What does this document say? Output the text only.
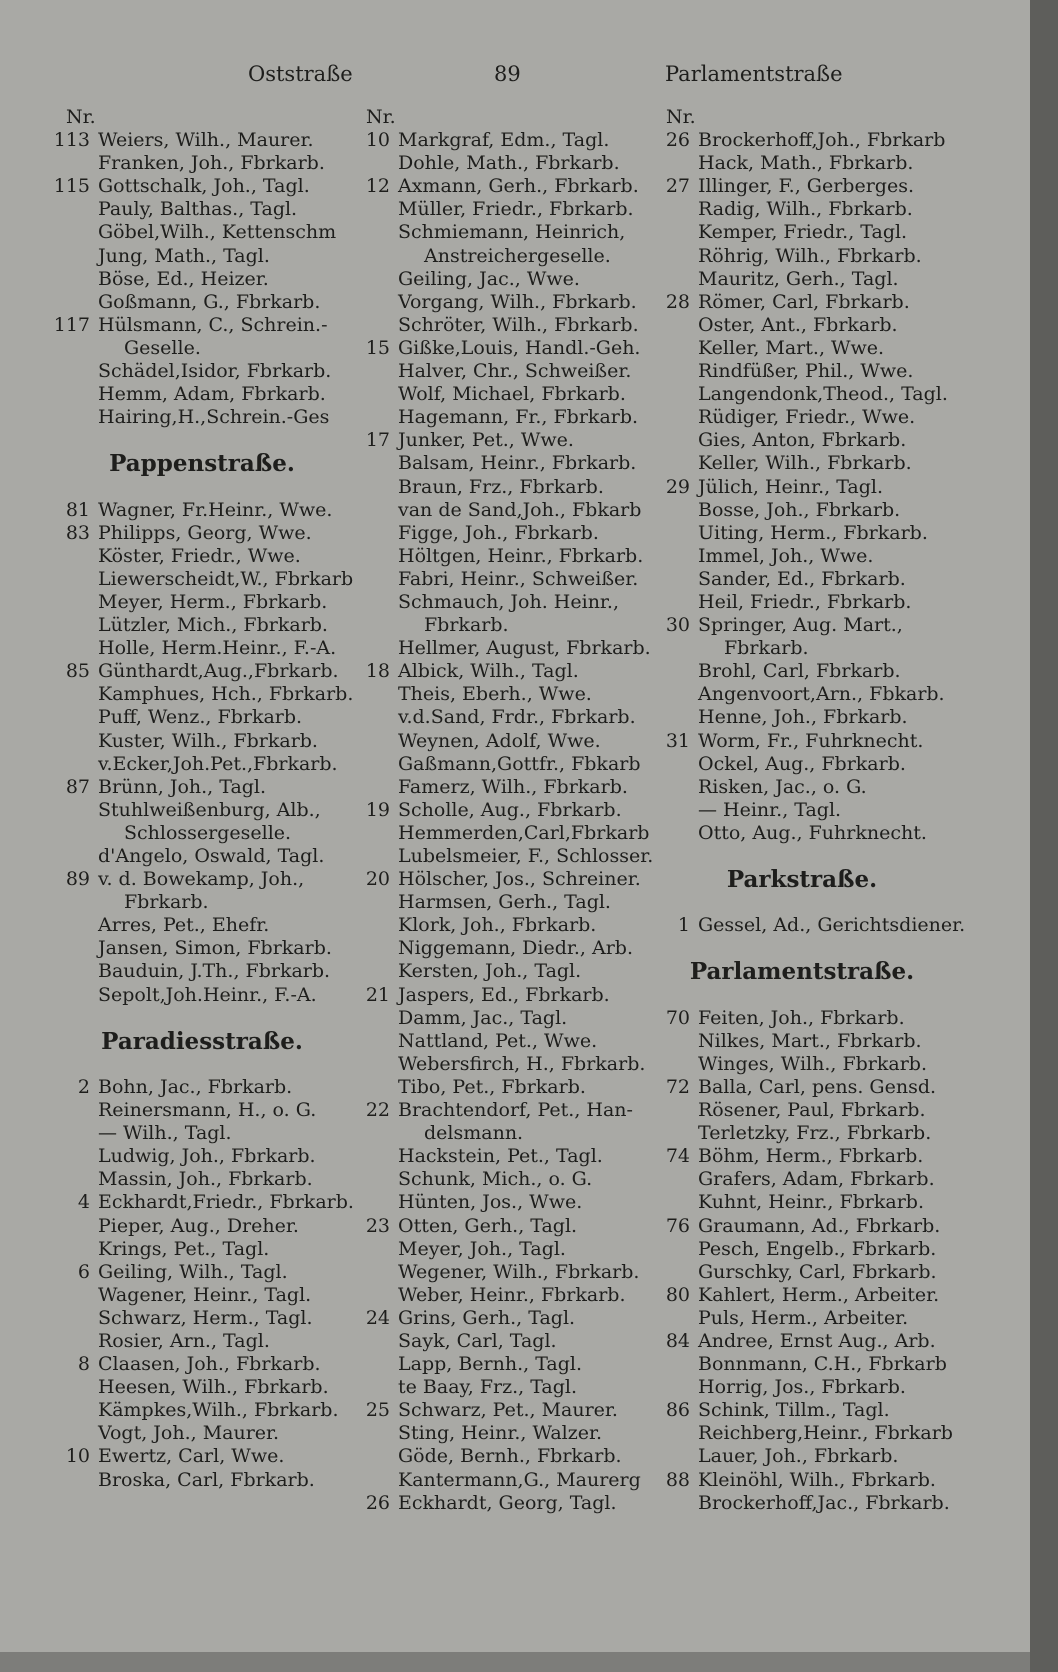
Oststraße	89	Parlamentstraße
Nr.
113 Weiers, Wilh., Maurer.
Franken, Joh., Fbrkarb.
115 Gottschalk, Joh., Tagl.
Pauly, Balthas., Tagl.
Göbel,Wilh., Kettenschm
Jung, Math., Tagl.
Böse, Ed., Heizer.
Goßmann, G., Fbrkarb.
117 Hülsmann, C., Schrein.-
Geselle.
Schädel,Isidor, Fbrkarb.
Hemm, Adam, Fbrkarb.
Hairing,H.,Schrein.-Ges
Pappenstraße.
81 Wagner, Fr.Heinr., Wwe.
83 Philipps, Georg, Wwe.
Köster, Friedr., Wwe.
Liewerscheidt,W., Fbrkarb
Meyer, Herm., Fbrkarb.
Lützler, Mich., Fbrkarb.
Holle, Herm.Heinr., F.-A.
85 Günthardt,Aug.,Fbrkarb.
Kamphues, Hch., Fbrkarb.
Puff, Wenz., Fbrkarb.
Kuster, Wilh., Fbrkarb.
v.Ecker,Joh.Pet.,Fbrkarb.
87 Brünn, Joh., Tagl.
Stuhlweißenburg, Alb.,
Schlossergeselle.
d'Angelo, Oswald, Tagl.
89 v. d. Bowekamp, Joh.,
Fbrkarb.
Arres, Pet., Ehefr.
Jansen, Simon, Fbrkarb.
Bauduin, J.Th., Fbrkarb.
Sepolt,Joh.Heinr., F.-A.
Paradiesstraße.
2 Bohn, Jac., Fbrkarb.
Reinersmann, H., o. G.
— Wilh., Tagl.
Ludwig, Joh., Fbrkarb.
Massin, Joh., Fbrkarb.
4 Eckhardt,Friedr., Fbrkarb.
Pieper, Aug., Dreher.
Krings, Pet., Tagl.
6 Geiling, Wilh., Tagl.
Wagener, Heinr., Tagl.
Schwarz, Herm., Tagl.
Rosier, Arn., Tagl.
8 Claasen, Joh., Fbrkarb.
Heesen, Wilh., Fbrkarb.
Kämpkes,Wilh., Fbrkarb.
Vogt, Joh., Maurer.
10 Ewertz, Carl, Wwe.
Broska, Carl, Fbrkarb.
Nr.
10 Markgraf, Edm., Tagl.
Dohle, Math., Fbrkarb.
12 Axmann, Gerh., Fbrkarb.
Müller, Friedr., Fbrkarb.
Schmiemann, Heinrich,
Anstreichergeselle.
Geiling, Jac., Wwe.
Vorgang, Wilh., Fbrkarb.
Schröter, Wilh., Fbrkarb.
15 Gißke,Louis, Handl.-Geh.
Halver, Chr., Schweißer.
Wolf, Michael, Fbrkarb.
Hagemann, Fr., Fbrkarb.
17 Junker, Pet., Wwe.
Balsam, Heinr., Fbrkarb.
Braun, Frz., Fbrkarb.
van de Sand,Joh., Fbkarb
Figge, Joh., Fbrkarb.
Höltgen, Heinr., Fbrkarb.
Fabri, Heinr., Schweißer.
Schmauch, Joh. Heinr.,
Fbrkarb.
Hellmer, August, Fbrkarb.
18 Albick, Wilh., Tagl.
Theis, Eberh., Wwe.
v.d.Sand, Frdr., Fbrkarb.
Weynen, Adolf, Wwe.
Gaßmann,Gottfr., Fbkarb
Famerz, Wilh., Fbrkarb.
19 Scholle, Aug., Fbrkarb.
Hemmerden,Carl,Fbrkarb
Lubelsmeier, F., Schlosser.
20 Hölscher, Jos., Schreiner.
Harmsen, Gerh., Tagl.
Klork, Joh., Fbrkarb.
Niggemann, Diedr., Arb.
Kersten, Joh., Tagl.
21 Jaspers, Ed., Fbrkarb.
Damm, Jac., Tagl.
Nattland, Pet., Wwe.
Webersfirch, H., Fbrkarb.
Tibo, Pet., Fbrkarb.
22 Brachtendorf, Pet., Han-
delsmann.
Hackstein, Pet., Tagl.
Schunk, Mich., o. G.
Hünten, Jos., Wwe.
23 Otten, Gerh., Tagl.
Meyer, Joh., Tagl.
Wegener, Wilh., Fbrkarb.
Weber, Heinr., Fbrkarb.
24 Grins, Gerh., Tagl.
Sayk, Carl, Tagl.
Lapp, Bernh., Tagl.
te Baay, Frz., Tagl.
25 Schwarz, Pet., Maurer.
Sting, Heinr., Walzer.
Göde, Bernh., Fbrkarb.
Kantermann,G., Maurerg
26 Eckhardt, Georg, Tagl.
Nr.
26 Brockerhoff,Joh., Fbrkarb
Hack, Math., Fbrkarb.
27 Illinger, F., Gerberges.
Radig, Wilh., Fbrkarb.
Kemper, Friedr., Tagl.
Röhrig, Wilh., Fbrkarb.
Mauritz, Gerh., Tagl.
28 Römer, Carl, Fbrkarb.
Oster, Ant., Fbrkarb.
Keller, Mart., Wwe.
Rindfüßer, Phil., Wwe.
Langendonk,Theod., Tagl.
Rüdiger, Friedr., Wwe.
Gies, Anton, Fbrkarb.
Keller, Wilh., Fbrkarb.
29 Jülich, Heinr., Tagl.
Bosse, Joh., Fbrkarb.
Uiting, Herm., Fbrkarb.
Immel, Joh., Wwe.
Sander, Ed., Fbrkarb.
Heil, Friedr., Fbrkarb.
30 Springer, Aug. Mart.,
Fbrkarb.
Brohl, Carl, Fbrkarb.
Angenvoort,Arn., Fbkarb.
Henne, Joh., Fbrkarb.
31 Worm, Fr., Fuhrknecht.
Ockel, Aug., Fbrkarb.
Risken, Jac., o. G.
— Heinr., Tagl.
Otto, Aug., Fuhrknecht.
Parkstraße.
1 Gessel, Ad., Gerichtsdiener.
Parlamentstraße.
70 Feiten, Joh., Fbrkarb.
Nilkes, Mart., Fbrkarb.
Winges, Wilh., Fbrkarb.
72 Balla, Carl, pens. Gensd.
Rösener, Paul, Fbrkarb.
Terletzky, Frz., Fbrkarb.
74 Böhm, Herm., Fbrkarb.
Grafers, Adam, Fbrkarb.
Kuhnt, Heinr., Fbrkarb.
76 Graumann, Ad., Fbrkarb.
Pesch, Engelb., Fbrkarb.
Gurschky, Carl, Fbrkarb.
80 Kahlert, Herm., Arbeiter.
Puls, Herm., Arbeiter.
84 Andree, Ernst Aug., Arb.
Bonnmann, C.H., Fbrkarb
Horrig, Jos., Fbrkarb.
86 Schink, Tillm., Tagl.
Reichberg,Heinr., Fbrkarb
Lauer, Joh., Fbrkarb.
88 Kleinöhl, Wilh., Fbrkarb.
Brockerhoff,Jac., Fbrkarb.
